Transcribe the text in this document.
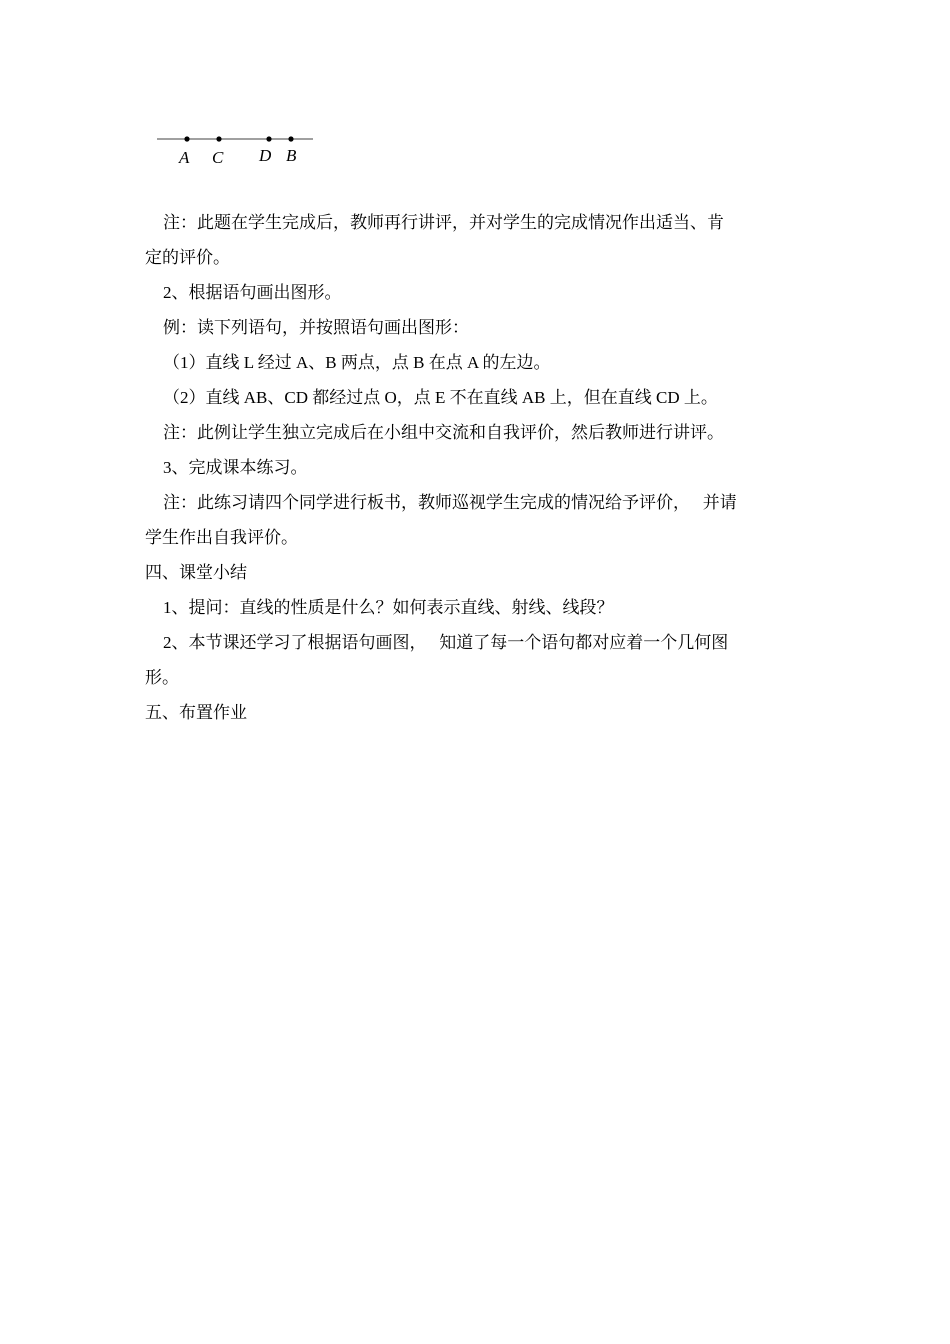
A C D B
注：此题在学生完成后，教师再行讲评，并对学生的完成情况作出适当、肯
定的评价。
2、根据语句画出图形。
例：读下列语句，并按照语句画出图形：
（1）直线 L 经过 A、B 两点，点 B 在点 A 的左边。
（2）直线 AB、CD 都经过点 O，点 E 不在直线 AB 上，但在直线 CD 上。
注：此例让学生独立完成后在小组中交流和自我评价，然后教师进行讲评。
3、完成课本练习。
注：此练习请四个同学进行板书，教师巡视学生完成的情况给予评价，   并请
学生作出自我评价。
四、课堂小结
1、提问：直线的性质是什么？如何表示直线、射线、线段？
2、本节课还学习了根据语句画图，   知道了每一个语句都对应着一个几何图
形。
五、布置作业
